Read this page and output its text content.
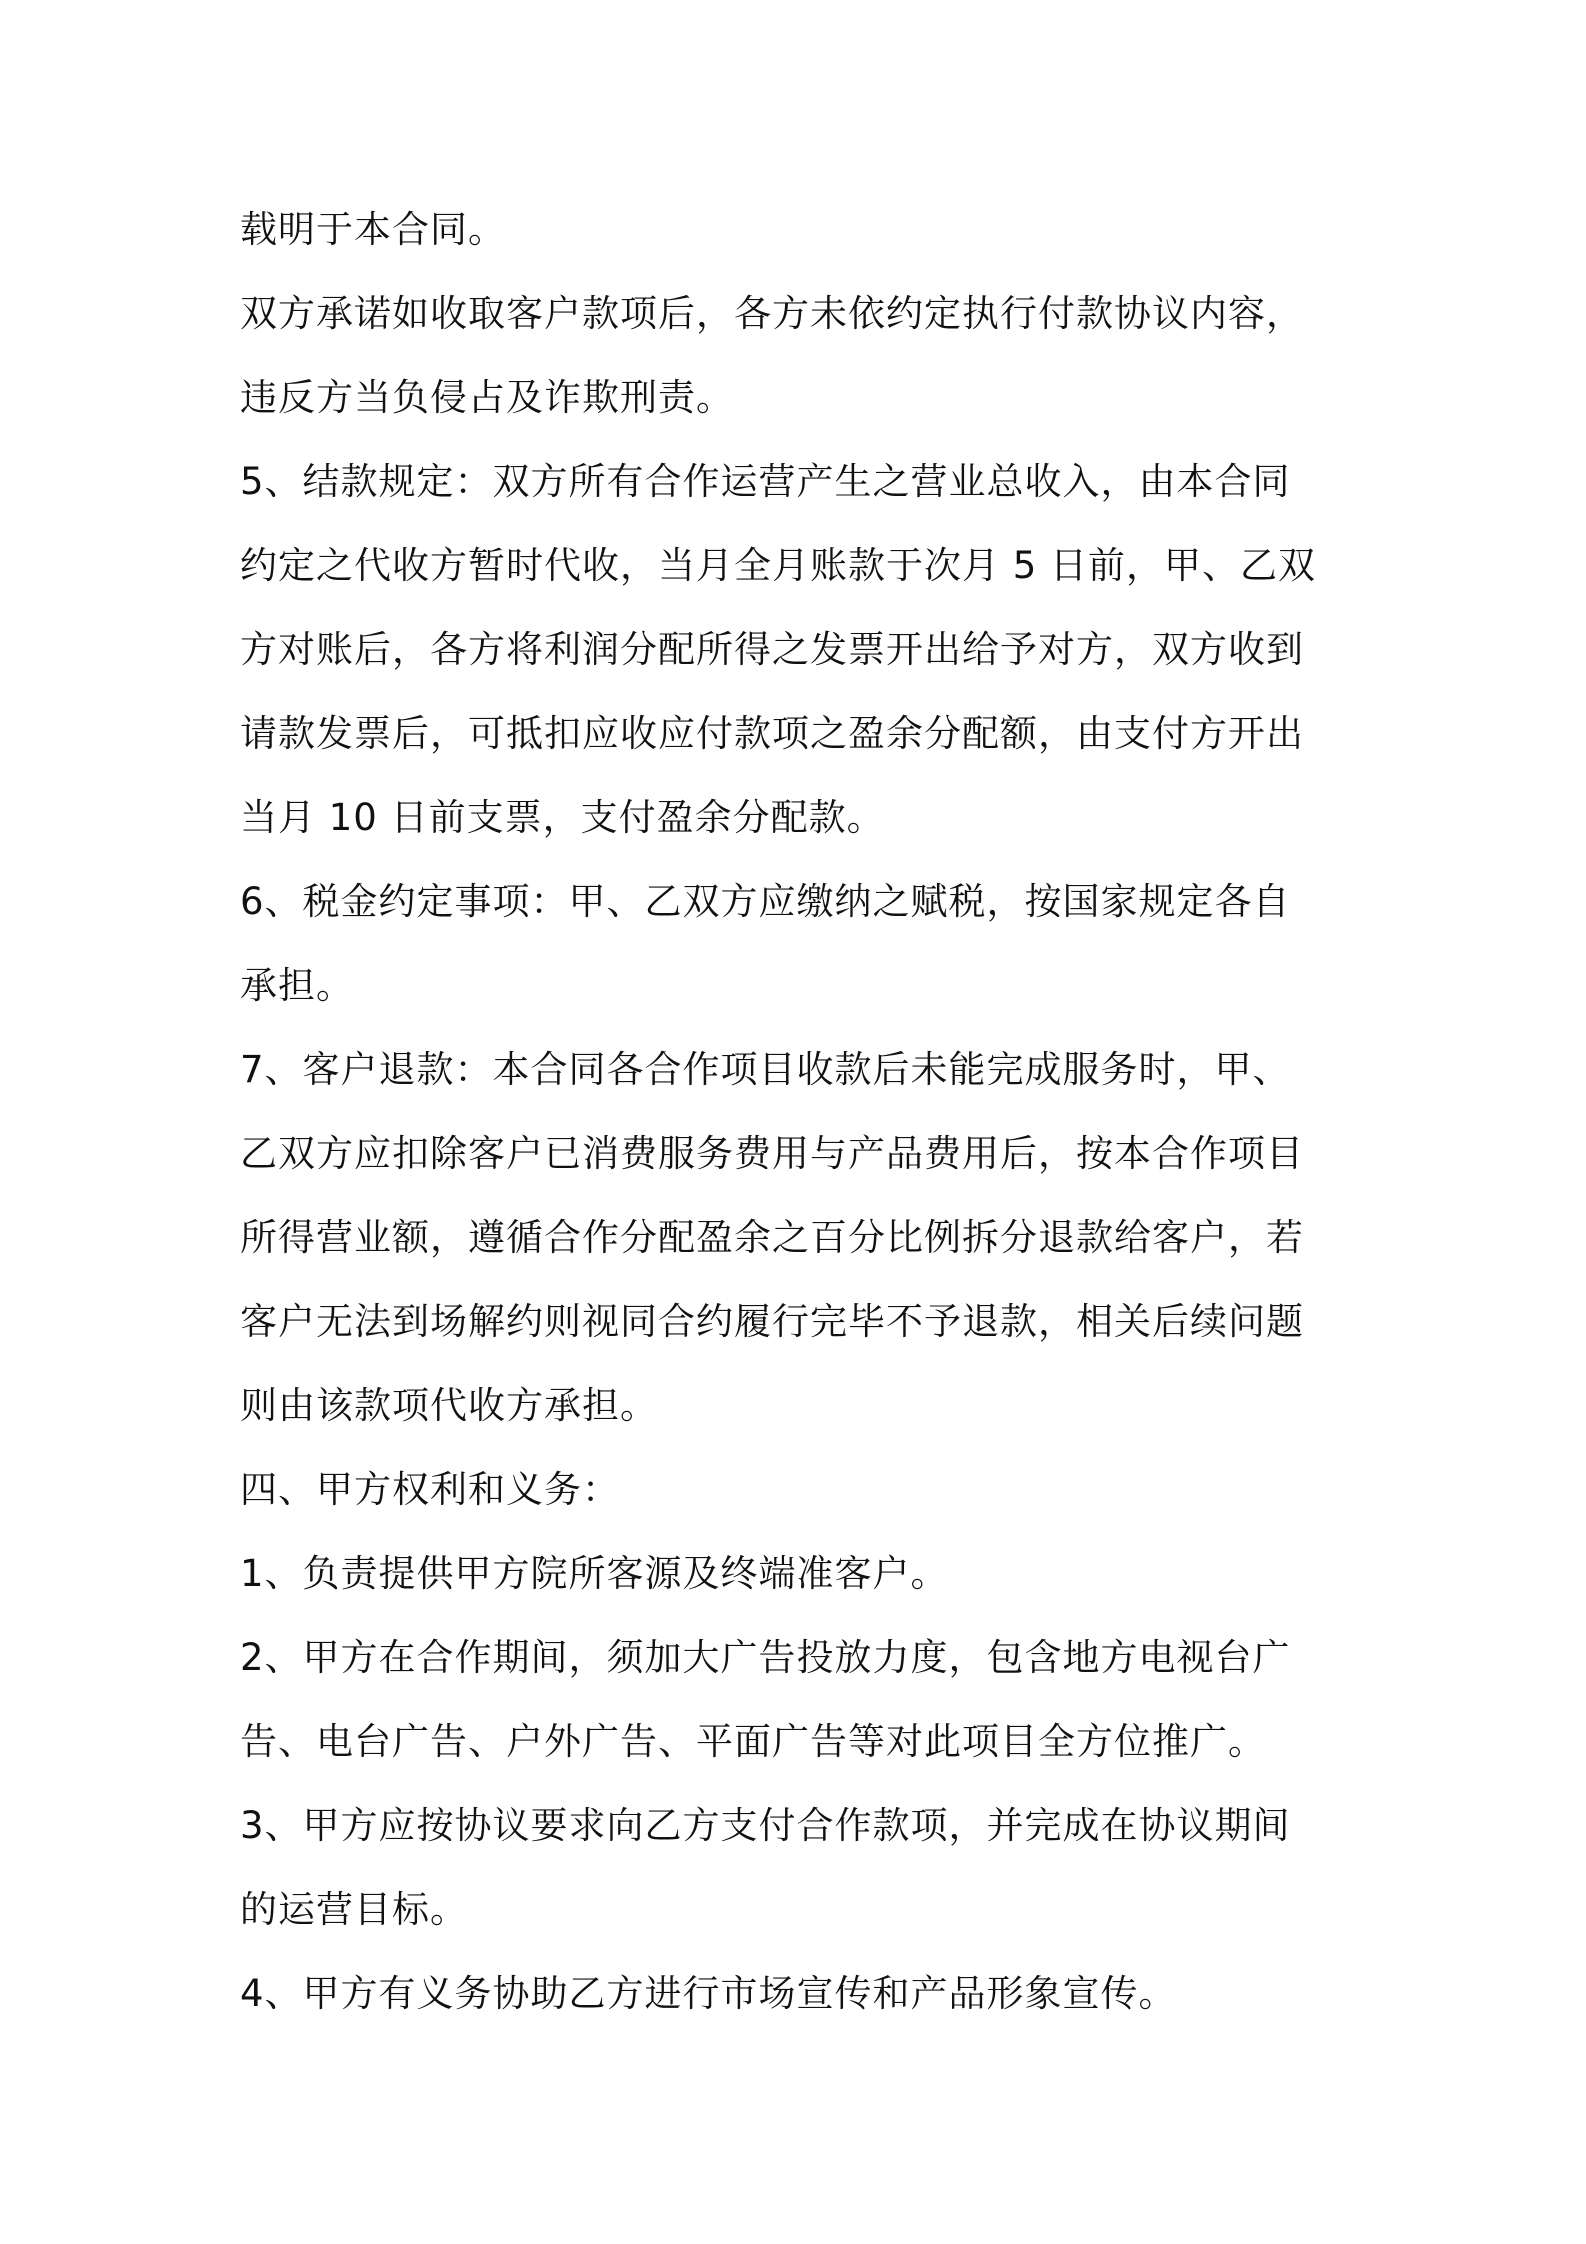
载明于本合同。

双方承诺如收取客户款项后，各方未依约定执行付款协议内容，

违反方当负侵占及诈欺刑责。

5、结款规定：双方所有合作运营产生之营业总收入，由本合同

约定之代收方暂时代收，当月全月账款于次月 5 日前，甲、乙双

方对账后，各方将利润分配所得之发票开出给予对方，双方收到

请款发票后，可抵扣应收应付款项之盈余分配额，由支付方开出

当月 10 日前支票，支付盈余分配款。

6、税金约定事项：甲、乙双方应缴纳之赋税，按国家规定各自

承担。

7、客户退款：本合同各合作项目收款后未能完成服务时，甲、

乙双方应扣除客户已消费服务费用与产品费用后，按本合作项目

所得营业额，遵循合作分配盈余之百分比例拆分退款给客户，若

客户无法到场解约则视同合约履行完毕不予退款，相关后续问题

则由该款项代收方承担。

四、甲方权利和义务：

1、负责提供甲方院所客源及终端准客户。

2、甲方在合作期间，须加大广告投放力度，包含地方电视台广

告、电台广告、户外广告、平面广告等对此项目全方位推广。

3、甲方应按协议要求向乙方支付合作款项，并完成在协议期间

的运营目标。

4、甲方有义务协助乙方进行市场宣传和产品形象宣传。
